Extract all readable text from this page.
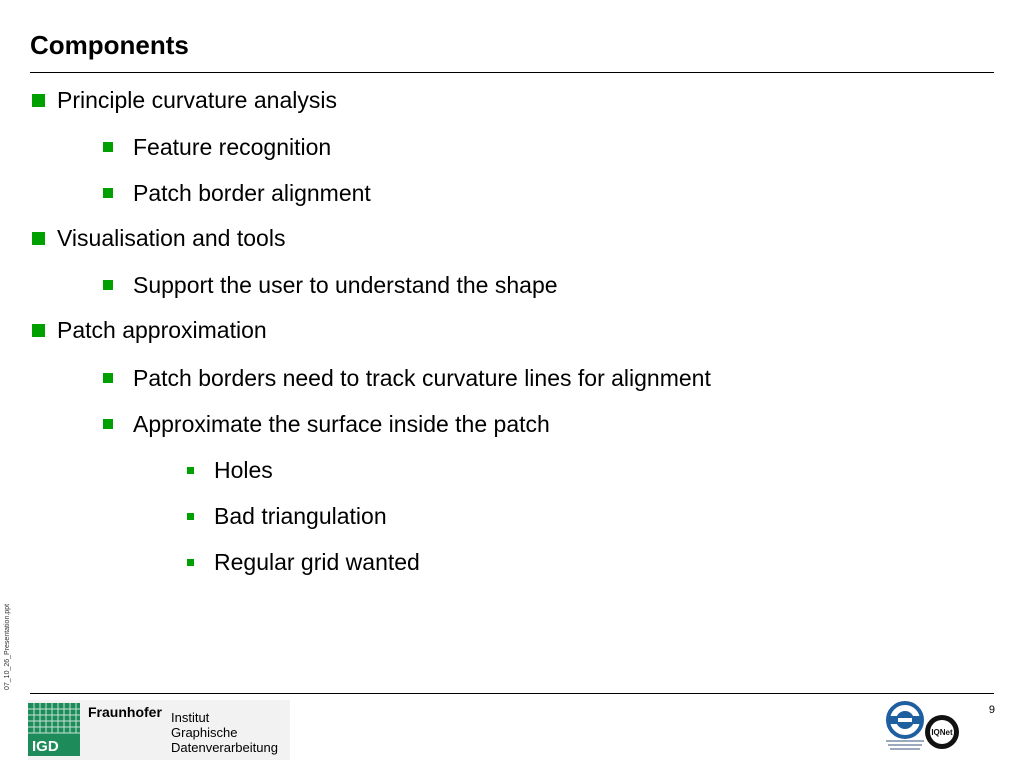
Components
Principle curvature analysis
Feature recognition
Patch border alignment
Visualisation and tools
Support the user to understand the shape
Patch approximation
Patch borders need to track curvature lines for alignment
Approximate the surface inside the patch
Holes
Bad triangulation
Regular grid wanted
07_10_26_Presentation.ppt
IGD
Fraunhofer Institut
Graphische
Datenverarbeitung
IQNet
9
